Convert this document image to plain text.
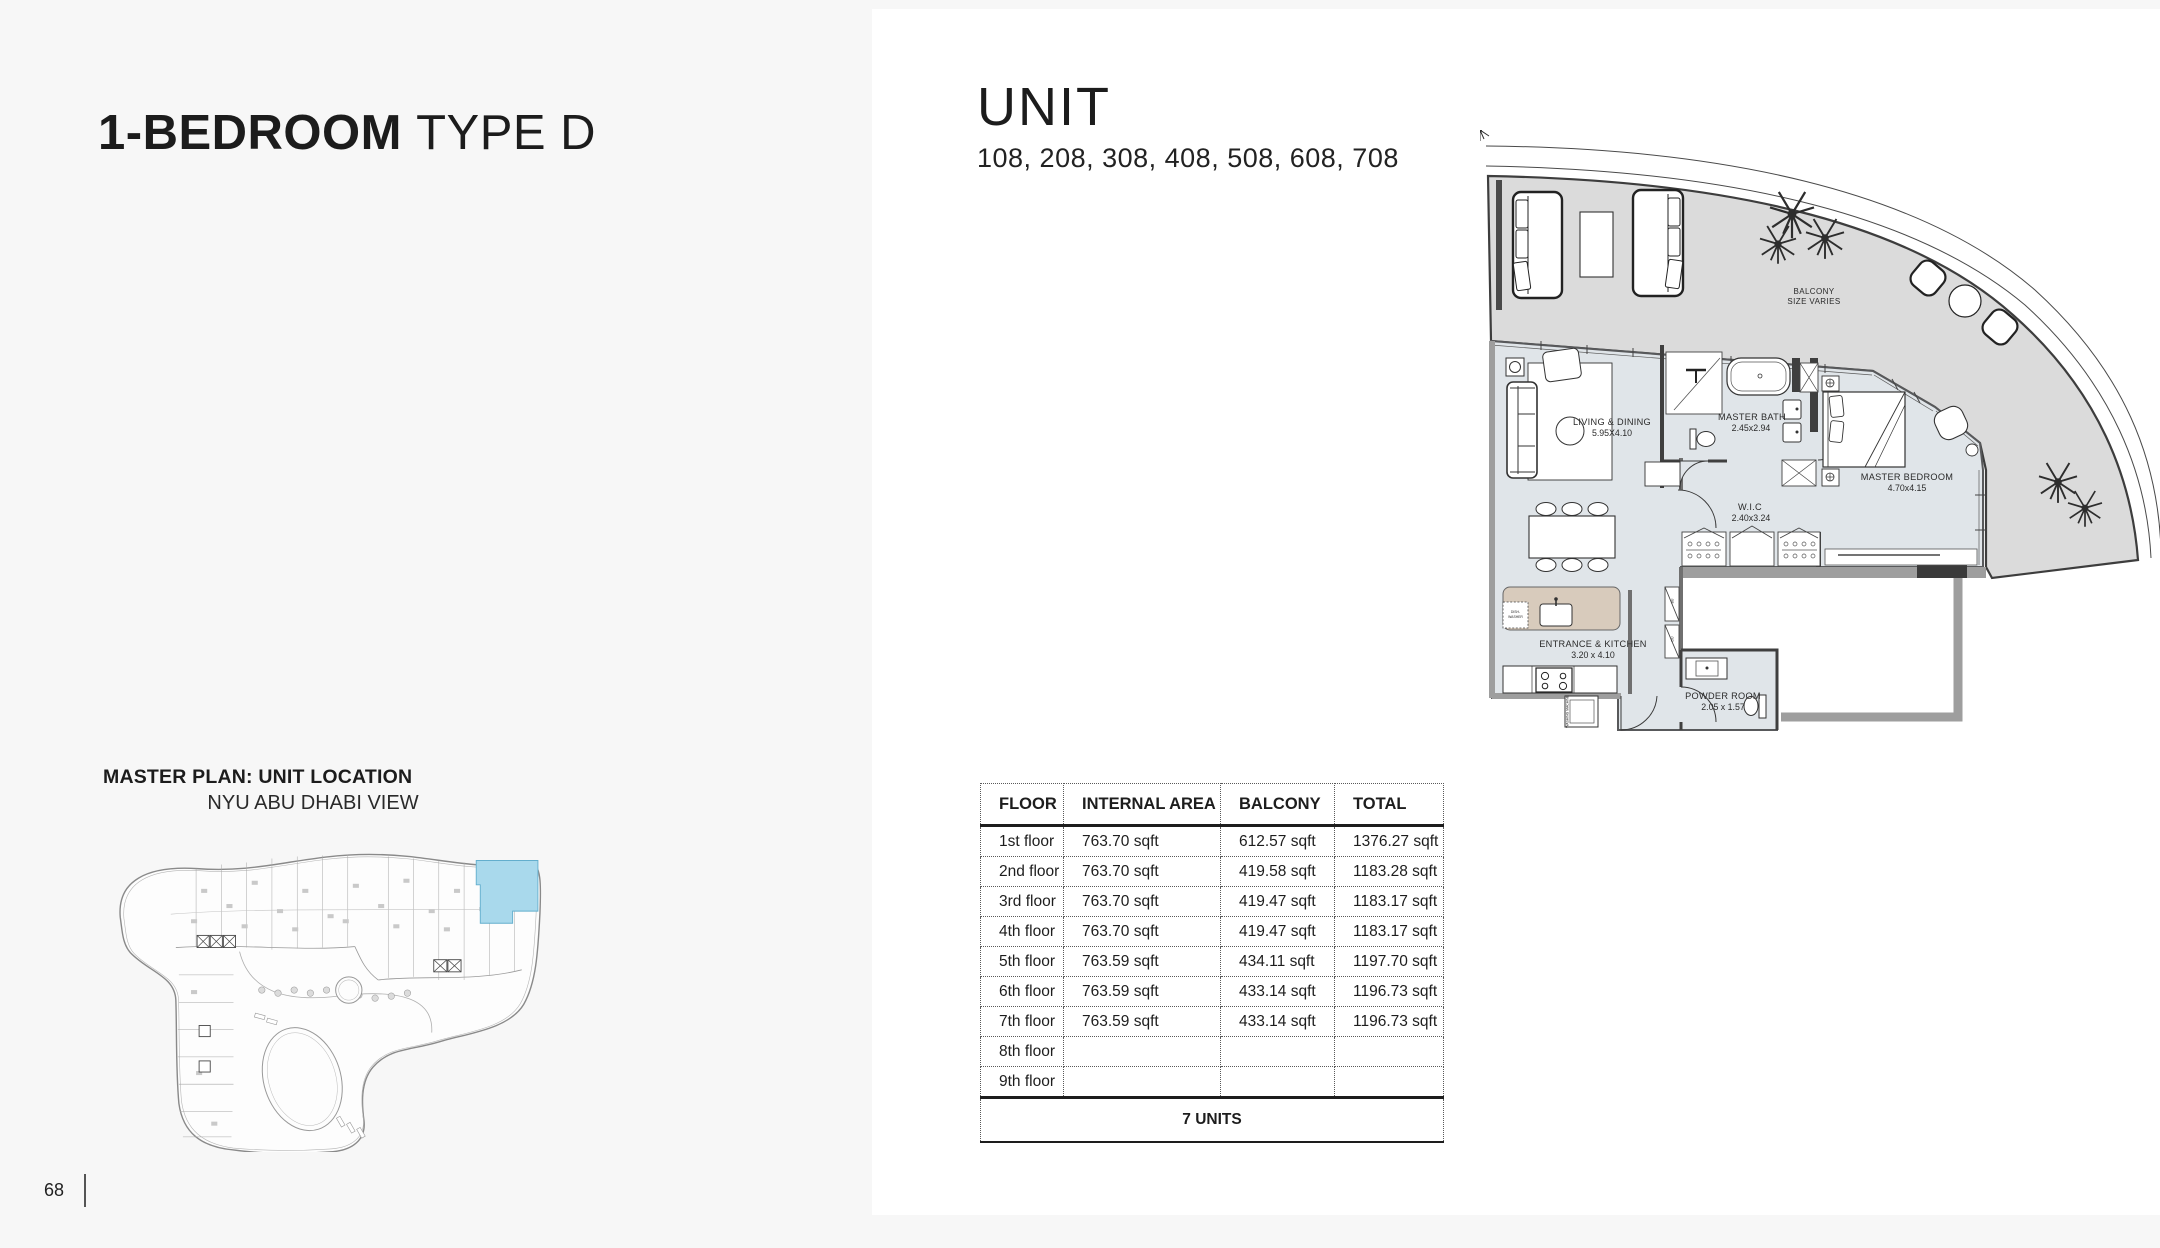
1-BEDROOM TYPE D	UNIT
108, 208, 308, 408, 508, 608, 708
MASTER PLAN: UNIT LOCATION
NYU ABU DHABI VIEW
BALCONY
SIZE VARIES
DISH-
WASHER
WASHING MACHINE
BU
DU
LIVING & DINING
5.95X4.10
MASTER BATH
2.45x2.94
MASTER BEDROOM
4.70x4.15
W.I.C
2.40x3.24
ENTRANCE & KITCHEN
3.20 x 4.10
POWDER ROOM
2.05 x 1.57
FLOOR	INTERNAL AREA	BALCONY	TOTAL
1st floor	763.70 sqft	612.57 sqft	1376.27 sqft
2nd floor	763.70 sqft	419.58 sqft	1183.28 sqft
3rd floor	763.70 sqft	419.47 sqft	1183.17 sqft
4th floor	763.70 sqft	419.47 sqft	1183.17 sqft
5th floor	763.59 sqft	434.11 sqft	1197.70 sqft
6th floor	763.59 sqft	433.14 sqft	1196.73 sqft
7th floor	763.59 sqft	433.14 sqft	1196.73 sqft
8th floor			
9th floor			
7 UNITS			
68
